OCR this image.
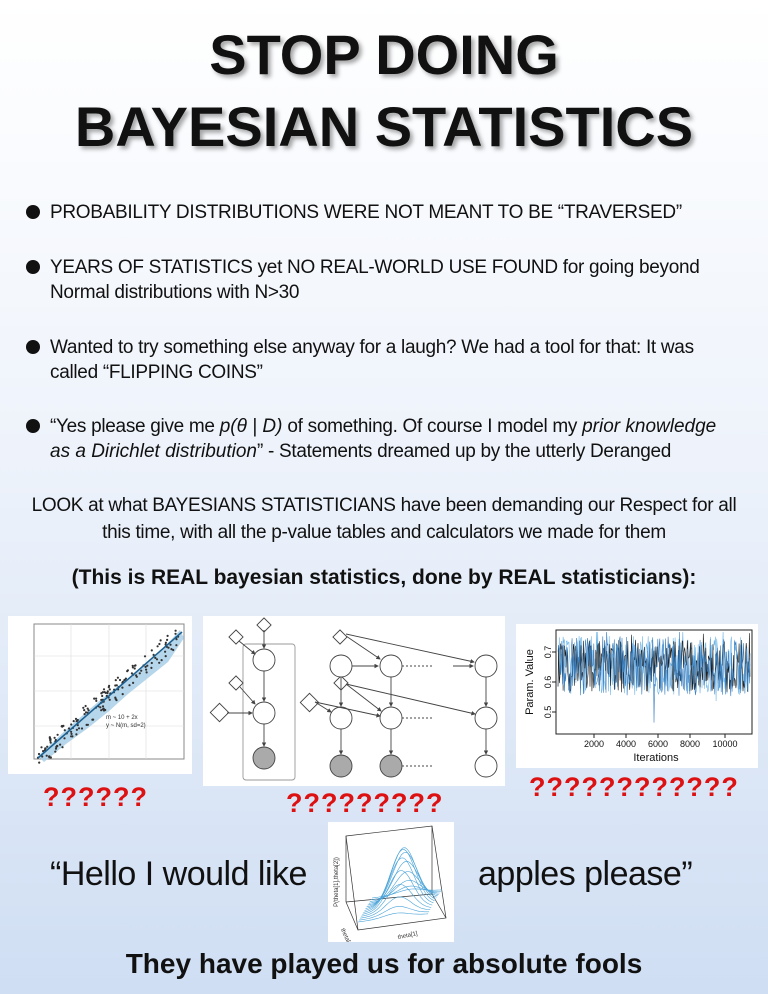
STOP DOING
BAYESIAN STATISTICS
PROBABILITY DISTRIBUTIONS WERE NOT MEANT TO BE “TRAVERSED”
YEARS OF STATISTICS yet NO REAL-WORLD USE FOUND for going beyond
Normal distributions with N>30
Wanted to try something else anyway for a laugh? We had a tool for that: It was
called “FLIPPING COINS”
“Yes please give me p(θ | D) of something. Of course I model my prior knowledge
as a Dirichlet distribution” - Statements dreamed up by the utterly Deranged
LOOK at what BAYESIANS STATISTICIANS have been demanding our Respect for all
this time, with all the p-value tables and calculators we made for them
(This is REAL bayesian statistics, done by REAL statisticians):
m ~ 10 + 2x
y ~ N(m, sd=2)
??????	?????????
2000 4000 6000 8000 10000
Iterations
0.5
0.6
0.7
Param. Value
????????????
“Hello I would like	P(theta[1],theta[2])
theta[1]
theta[2]
apples please”
They have played us for absolute fools
